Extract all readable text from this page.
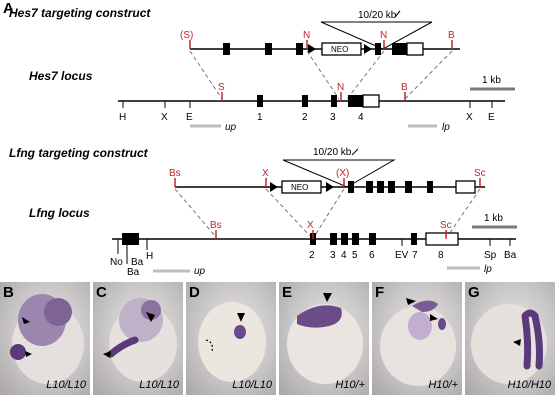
A
Hes7 targeting construct	10/20 kb
NEO
(S)	N	N	B
Hes7 locus	1 kb
S	N	B
H	X E	X E
1	2 3 4
up	lp
Lfng targeting construct	10/20 kb
NEO
Bs	X	(X)	Sc
Lfng locus	1 kb
Bs	X	Sc
No Ba
Ba
H	EV	Sp Ba
2 3 4 5 6	7 8
up	lp
B
L10/L10
C
L10/L10
D
L10/L10
E
H10/+
F
H10/+
G
H10/H10
